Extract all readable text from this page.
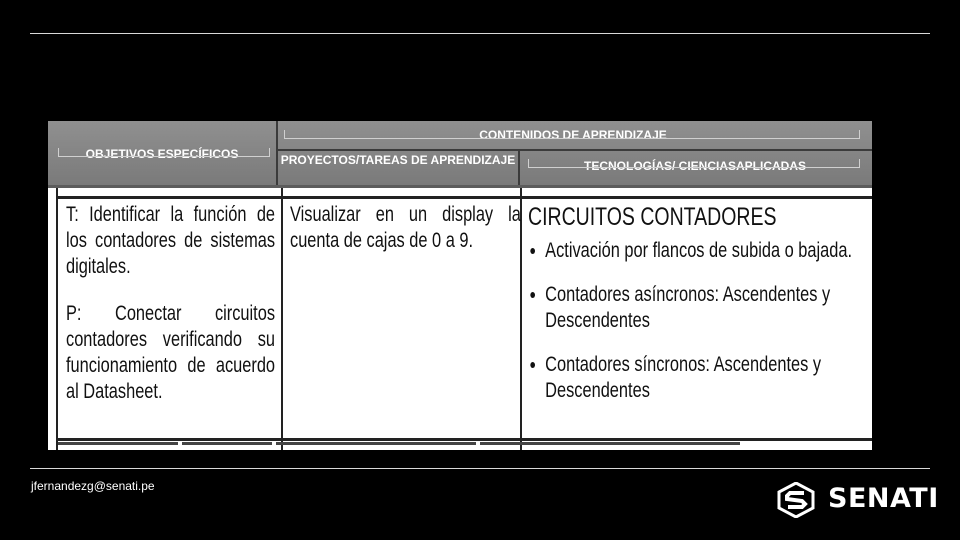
OBJETIVOS ESPECÍFICOS
CONTENIDOS DE APRENDIZAJE
PROYECTOS/TAREAS DE APRENDIZAJE	TECNOLOGÍAS/ CIENCIASAPLICADAS

T: Identificar la función de los contadores de sistemas digitales.

P: Conectar circuitos contadores verificando su funcionamiento de acuerdo al Datasheet.

Visualizar en un display la cuenta de cajas de 0 a 9.
CIRCUITOS CONTADORES
• Activación por flancos de subida o bajada.
• Contadores asíncronos: Ascendentes y Descendentes
• Contadores síncronos: Ascendentes y Descendentes
jfernandezg@senati.pe	SENATI
